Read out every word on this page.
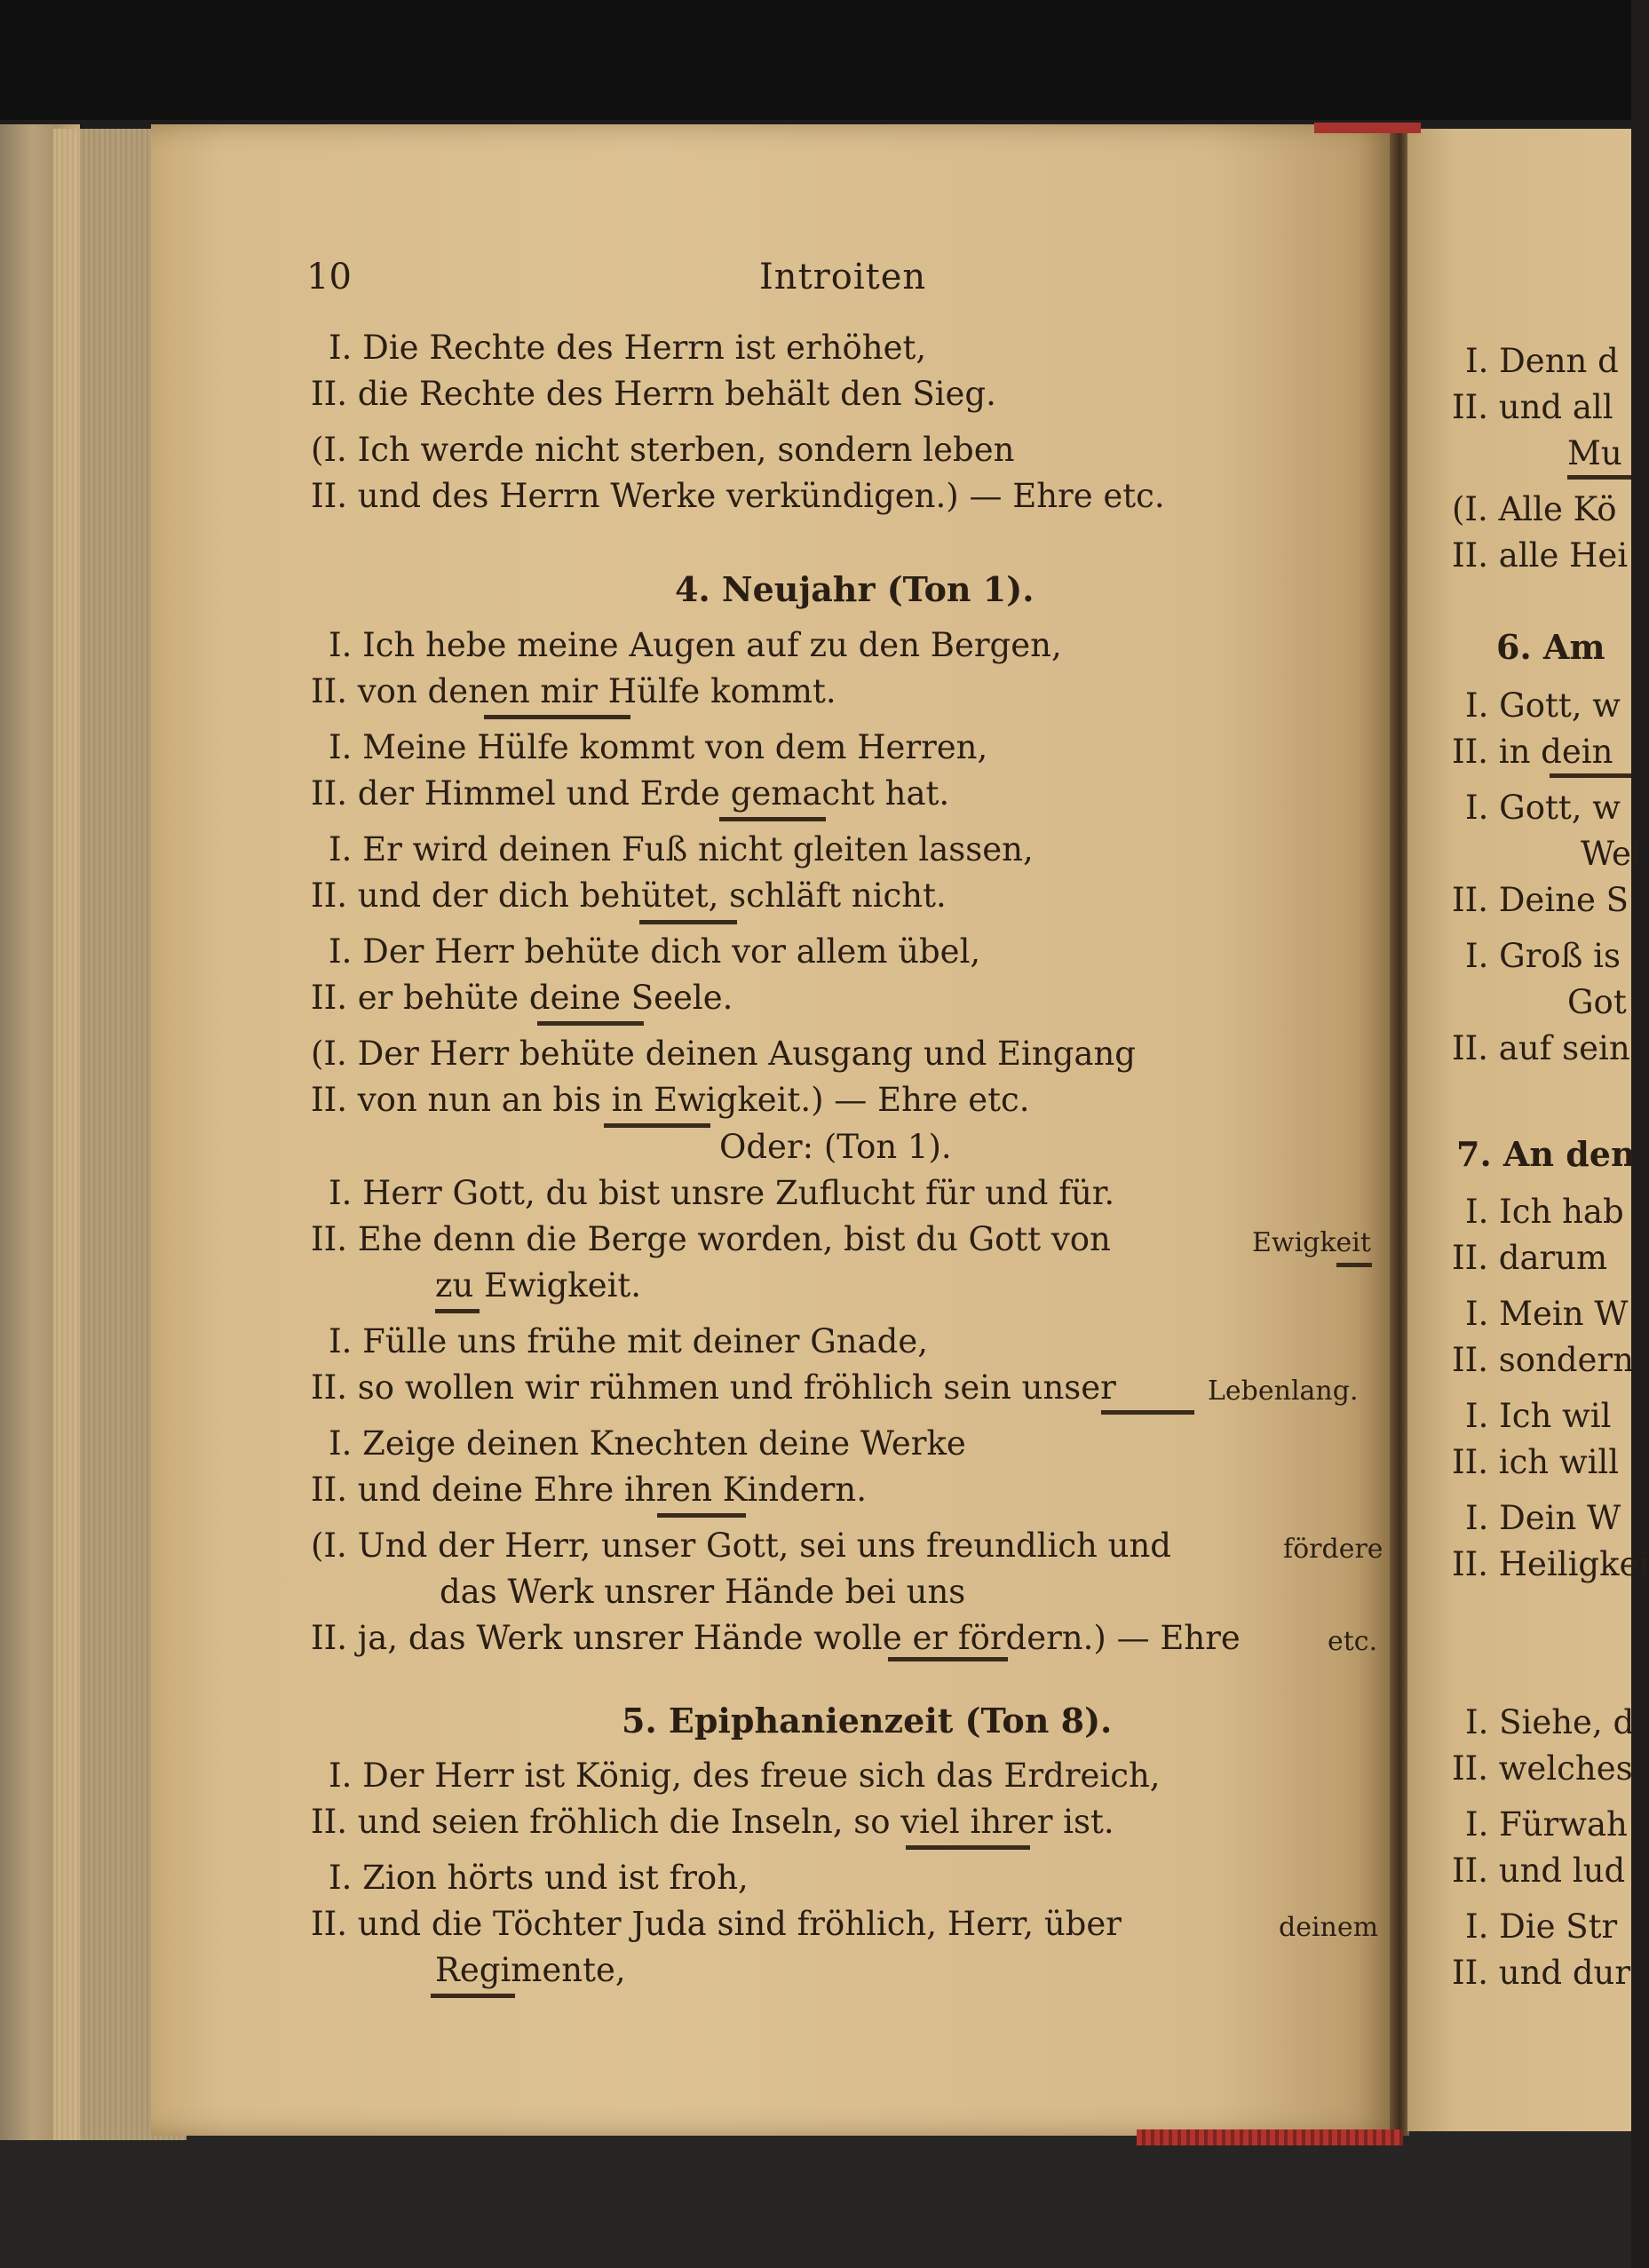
10	Introiten
I. Die Rechte des Herrn ist erhöhet,
II. die Rechte des Herrn behält den Sieg.
(I. Ich werde nicht sterben, sondern leben
II. und des Herrn Werke verkündigen.) — Ehre etc.
4. Neujahr (Ton 1).
I. Ich hebe meine Augen auf zu den Bergen,
II. von denen mir Hülfe kommt.
I. Meine Hülfe kommt von dem Herren,
II. der Himmel und Erde gemacht hat.
I. Er wird deinen Fuß nicht gleiten lassen,
II. und der dich behütet, schläft nicht.
I. Der Herr behüte dich vor allem übel,
II. er behüte deine Seele.
(I. Der Herr behüte deinen Ausgang und Eingang
II. von nun an bis in Ewigkeit.) — Ehre etc.
Oder: (Ton 1).
I. Herr Gott, du bist unsre Zuflucht für und für.
II. Ehe denn die Berge worden, bist du Gott von	Ewigkeit
zu Ewigkeit.
I. Fülle uns frühe mit deiner Gnade,
II. so wollen wir rühmen und fröhlich sein unser	Lebenlang.
I. Zeige deinen Knechten deine Werke
II. und deine Ehre ihren Kindern.
(I. Und der Herr, unser Gott, sei uns freundlich und	fördere
das Werk unsrer Hände bei uns
II. ja, das Werk unsrer Hände wolle er fördern.) — Ehre	etc.
5. Epiphanienzeit (Ton 8).
I. Der Herr ist König, des freue sich das Erdreich,
II. und seien fröhlich die Inseln, so viel ihrer ist.
I. Zion hörts und ist froh,
II. und die Töchter Juda sind fröhlich, Herr, über	deinem
Regimente,
I. Denn d
II. und all
Mu
(I. Alle Kö
II. alle Hei
6. Am
I. Gott, w
II. in dein
I. Gott, w
Wel
II. Deine S
I. Groß is
Got
II. auf sein
7. An den
I. Ich hab
II. darum
I. Mein W
II. sondern
I. Ich wil
II. ich will
I. Dein W
II. Heiligkei
I. Siehe, d
II. welches
I. Fürwah
II. und lud
I. Die Str
II. und dur
